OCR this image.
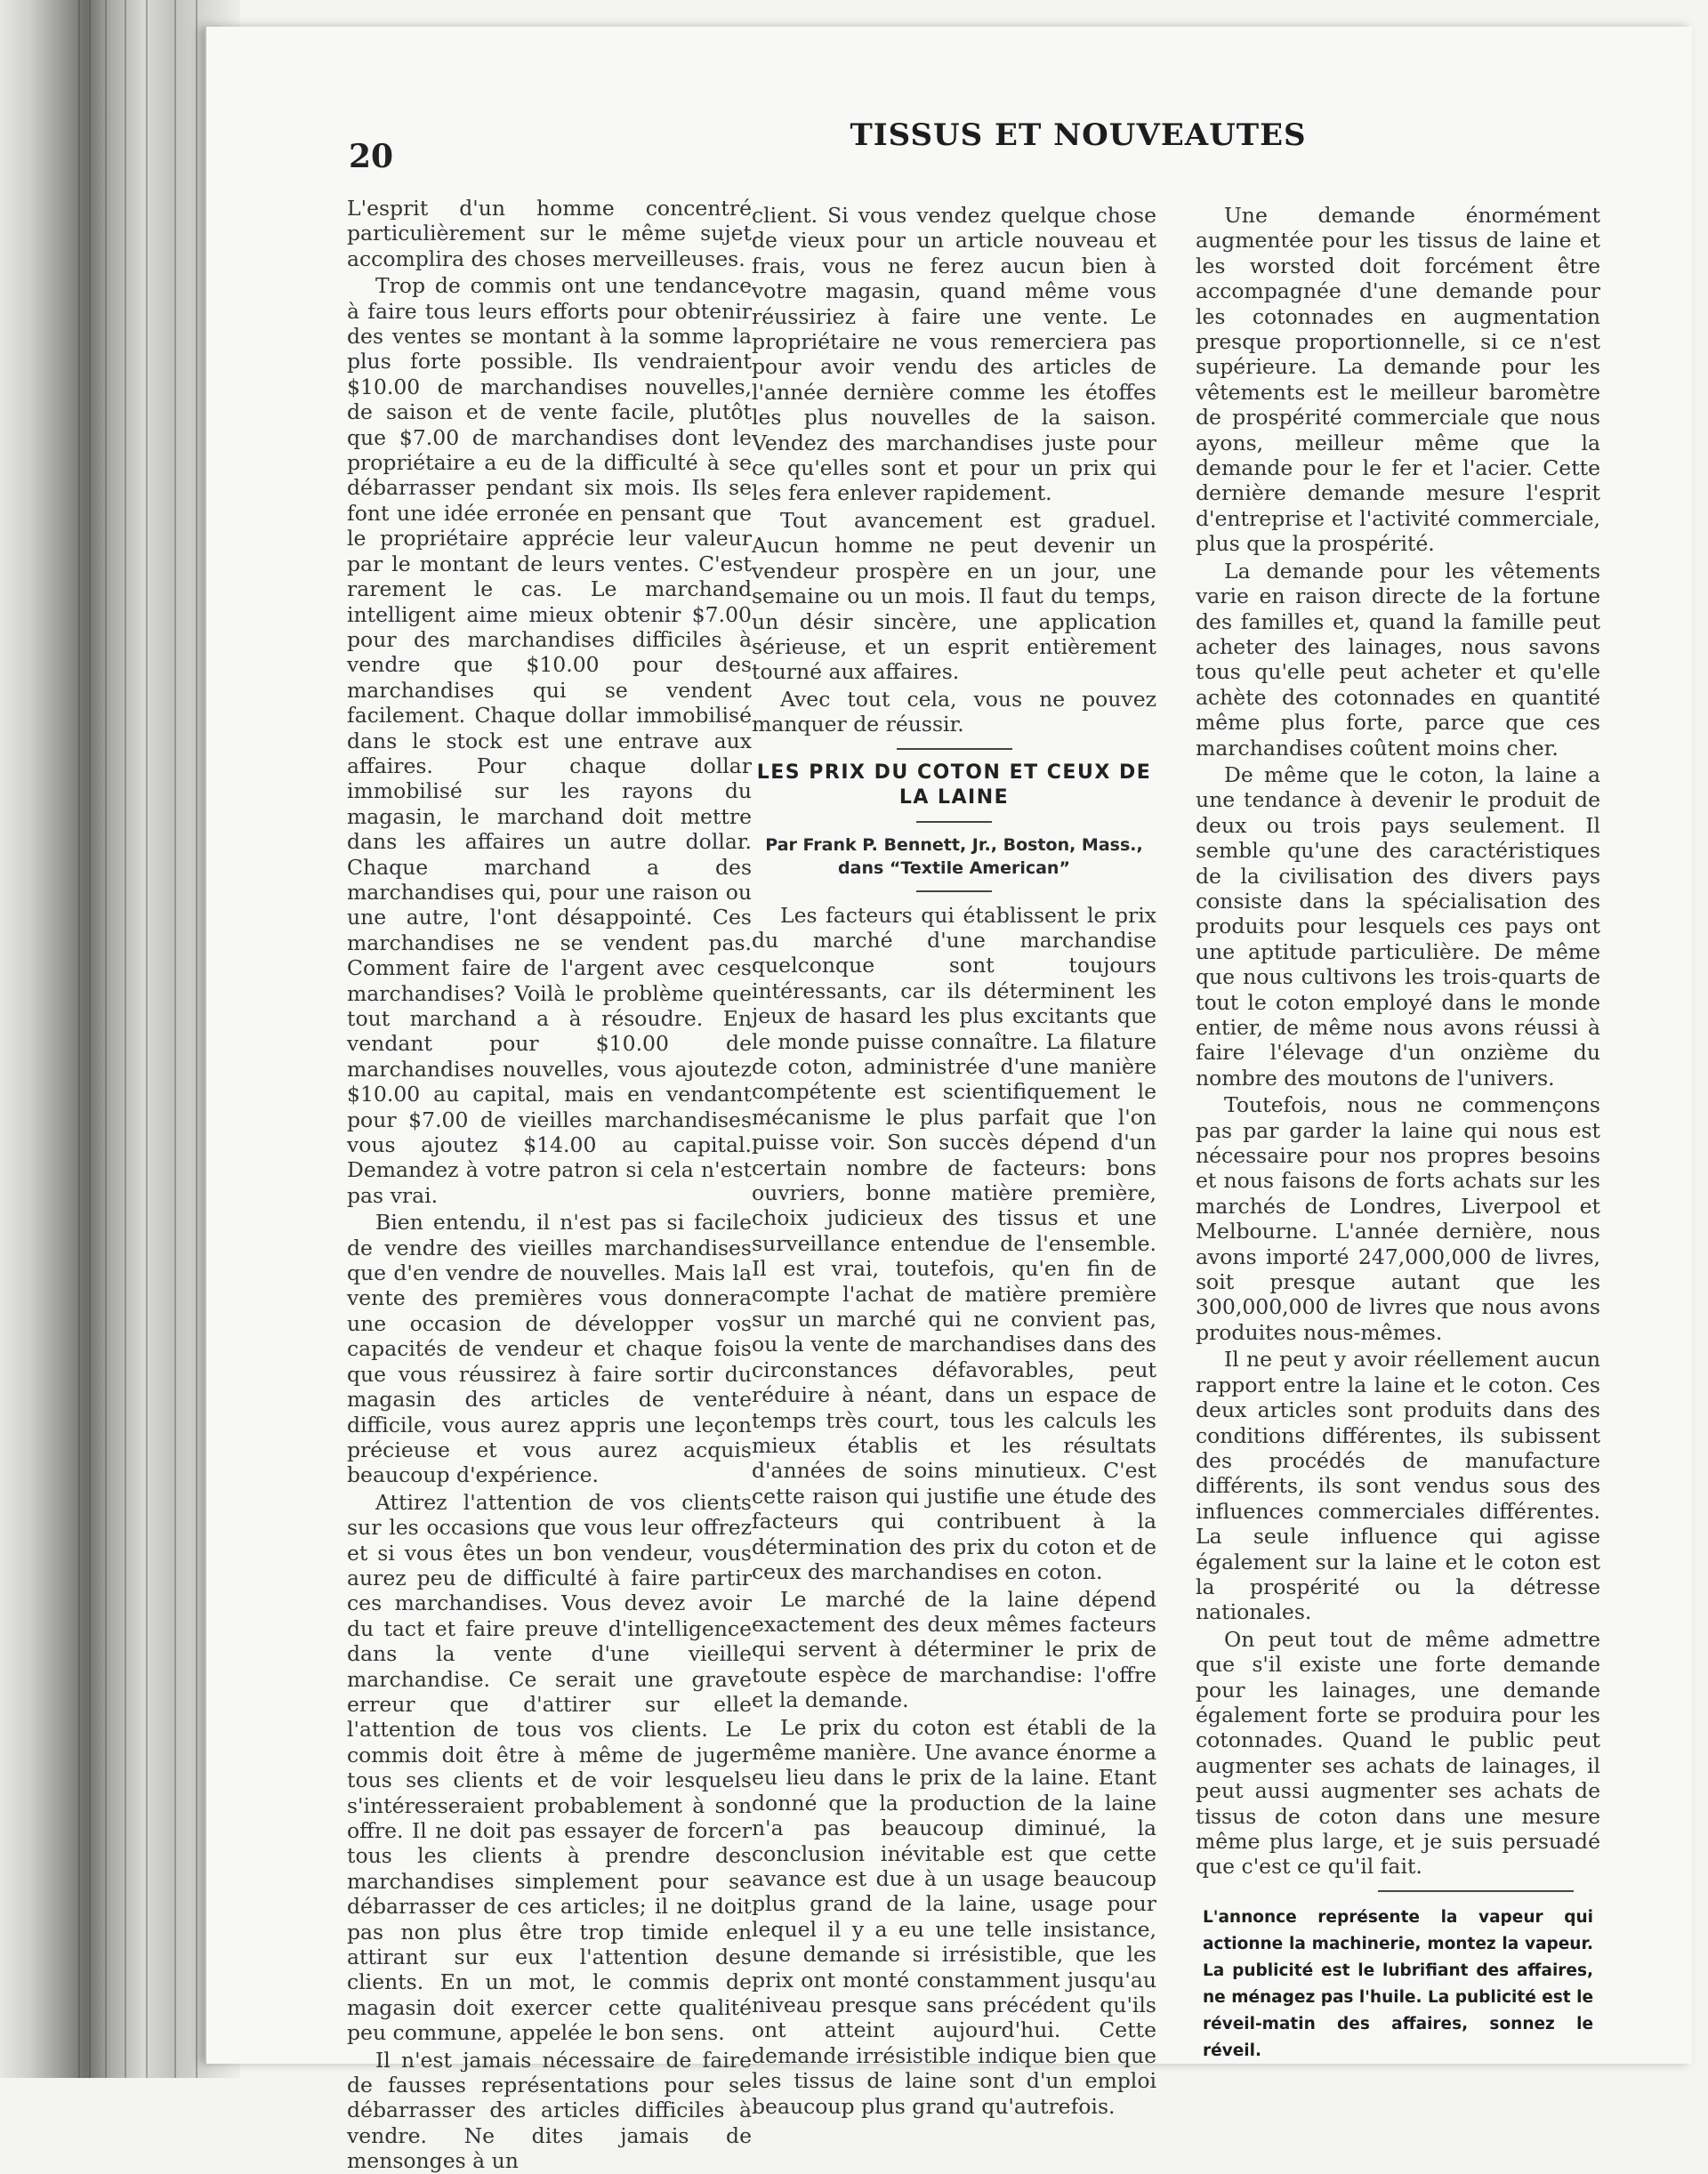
20
TISSUS ET NOUVEAUTES

L'esprit d'un homme concentré particulièrement sur le même sujet accomplira des choses merveilleuses.

Trop de commis ont une tendance à faire tous leurs efforts pour obtenir des ventes se montant à la somme la plus forte possible. Ils vendraient $10.00 de marchandises nouvelles, de saison et de vente facile, plutôt que $7.00 de marchandises dont le propriétaire a eu de la difficulté à se débarrasser pendant six mois. Ils se font une idée erronée en pensant que le propriétaire apprécie leur valeur par le montant de leurs ventes. C'est rarement le cas. Le marchand intelligent aime mieux obtenir $7.00 pour des marchandises difficiles à vendre que $10.00 pour des marchandises qui se vendent facilement. Chaque dollar immobilisé dans le stock est une entrave aux affaires. Pour chaque dollar immobilisé sur les rayons du magasin, le marchand doit mettre dans les affaires un autre dollar. Chaque marchand a des marchandises qui, pour une raison ou une autre, l'ont désappointé. Ces marchandises ne se vendent pas. Comment faire de l'argent avec ces marchandises? Voilà le problème que tout marchand a à résoudre. En vendant pour $10.00 de marchandises nouvelles, vous ajoutez $10.00 au capital, mais en vendant pour $7.00 de vieilles marchandises vous ajoutez $14.00 au capital. Demandez à votre patron si cela n'est pas vrai.

Bien entendu, il n'est pas si facile de vendre des vieilles marchandises que d'en vendre de nouvelles. Mais la vente des premières vous donnera une occasion de développer vos capacités de vendeur et chaque fois que vous réussirez à faire sortir du magasin des articles de vente difficile, vous aurez appris une leçon précieuse et vous aurez acquis beaucoup d'expérience.

Attirez l'attention de vos clients sur les occasions que vous leur offrez et si vous êtes un bon vendeur, vous aurez peu de difficulté à faire partir ces marchandises. Vous devez avoir du tact et faire preuve d'intelligence dans la vente d'une vieille marchandise. Ce serait une grave erreur que d'attirer sur elle l'attention de tous vos clients. Le commis doit être à même de juger tous ses clients et de voir lesquels s'intéresseraient probablement à son offre. Il ne doit pas essayer de forcer tous les clients à prendre des marchandises simplement pour se débarrasser de ces articles; il ne doit pas non plus être trop timide en attirant sur eux l'attention des clients. En un mot, le commis de magasin doit exercer cette qualité peu commune, appelée le bon sens.

Il n'est jamais nécessaire de faire de fausses représentations pour se débarrasser des articles difficiles à vendre. Ne dites jamais de mensonges à un

client. Si vous vendez quelque chose de vieux pour un article nouveau et frais, vous ne ferez aucun bien à votre magasin, quand même vous réussiriez à faire une vente. Le propriétaire ne vous remerciera pas pour avoir vendu des articles de l'année dernière comme les étoffes les plus nouvelles de la saison. Vendez des marchandises juste pour ce qu'elles sont et pour un prix qui les fera enlever rapidement.

Tout avancement est graduel. Aucun homme ne peut devenir un vendeur prospère en un jour, une semaine ou un mois. Il faut du temps, un désir sincère, une application sérieuse, et un esprit entièrement tourné aux affaires.

Avec tout cela, vous ne pouvez manquer de réussir.

LES PRIX DU COTON ET CEUX DE LA LAINE
Par Frank P. Bennett, Jr., Boston, Mass., dans “Textile American”

Les facteurs qui établissent le prix du marché d'une marchandise quelconque sont toujours intéressants, car ils déterminent les jeux de hasard les plus excitants que le monde puisse connaître. La filature de coton, administrée d'une manière compétente est scientifiquement le mécanisme le plus parfait que l'on puisse voir. Son succès dépend d'un certain nombre de facteurs: bons ouvriers, bonne matière première, choix judicieux des tissus et une surveillance entendue de l'ensemble. Il est vrai, toutefois, qu'en fin de compte l'achat de matière première sur un marché qui ne convient pas, ou la vente de marchandises dans des circonstances défavorables, peut réduire à néant, dans un espace de temps très court, tous les calculs les mieux établis et les résultats d'années de soins minutieux. C'est cette raison qui justifie une étude des facteurs qui contribuent à la détermination des prix du coton et de ceux des marchandises en coton.

Le marché de la laine dépend exactement des deux mêmes facteurs qui servent à déterminer le prix de toute espèce de marchandise: l'offre et la demande.

Le prix du coton est établi de la même manière. Une avance énorme a eu lieu dans le prix de la laine. Etant donné que la production de la laine n'a pas beaucoup diminué, la conclusion inévitable est que cette avance est due à un usage beaucoup plus grand de la laine, usage pour lequel il y a eu une telle insistance, une demande si irrésistible, que les prix ont monté constamment jusqu'au niveau presque sans précédent qu'ils ont atteint aujourd'hui. Cette demande irrésistible indique bien que les tissus de laine sont d'un emploi beaucoup plus grand qu'autrefois.

Une demande énormément augmentée pour les tissus de laine et les worsted doit forcément être accompagnée d'une demande pour les cotonnades en augmentation presque proportionnelle, si ce n'est supérieure. La demande pour les vêtements est le meilleur baromètre de prospérité commerciale que nous ayons, meilleur même que la demande pour le fer et l'acier. Cette dernière demande mesure l'esprit d'entreprise et l'activité commerciale, plus que la prospérité.

La demande pour les vêtements varie en raison directe de la fortune des familles et, quand la famille peut acheter des lainages, nous savons tous qu'elle peut acheter et qu'elle achète des cotonnades en quantité même plus forte, parce que ces marchandises coûtent moins cher.

De même que le coton, la laine a une tendance à devenir le produit de deux ou trois pays seulement. Il semble qu'une des caractéristiques de la civilisation des divers pays consiste dans la spécialisation des produits pour lesquels ces pays ont une aptitude particulière. De même que nous cultivons les trois-quarts de tout le coton employé dans le monde entier, de même nous avons réussi à faire l'élevage d'un onzième du nombre des moutons de l'univers.

Toutefois, nous ne commençons pas par garder la laine qui nous est nécessaire pour nos propres besoins et nous faisons de forts achats sur les marchés de Londres, Liverpool et Melbourne. L'année dernière, nous avons importé 247,000,000 de livres, soit presque autant que les 300,000,000 de livres que nous avons produites nous-mêmes.

Il ne peut y avoir réellement aucun rapport entre la laine et le coton. Ces deux articles sont produits dans des conditions différentes, ils subissent des procédés de manufacture différents, ils sont vendus sous des influences commerciales différentes. La seule influence qui agisse également sur la laine et le coton est la prospérité ou la détresse nationales.

On peut tout de même admettre que s'il existe une forte demande pour les lainages, une demande également forte se produira pour les cotonnades. Quand le public peut augmenter ses achats de lainages, il peut aussi augmenter ses achats de tissus de coton dans une mesure même plus large, et je suis persuadé que c'est ce qu'il fait.

L'annonce représente la vapeur qui actionne la machinerie, montez la vapeur. La publicité est le lubrifiant des affaires, ne ménagez pas l'huile. La publicité est le réveil-matin des affaires, sonnez le réveil.
